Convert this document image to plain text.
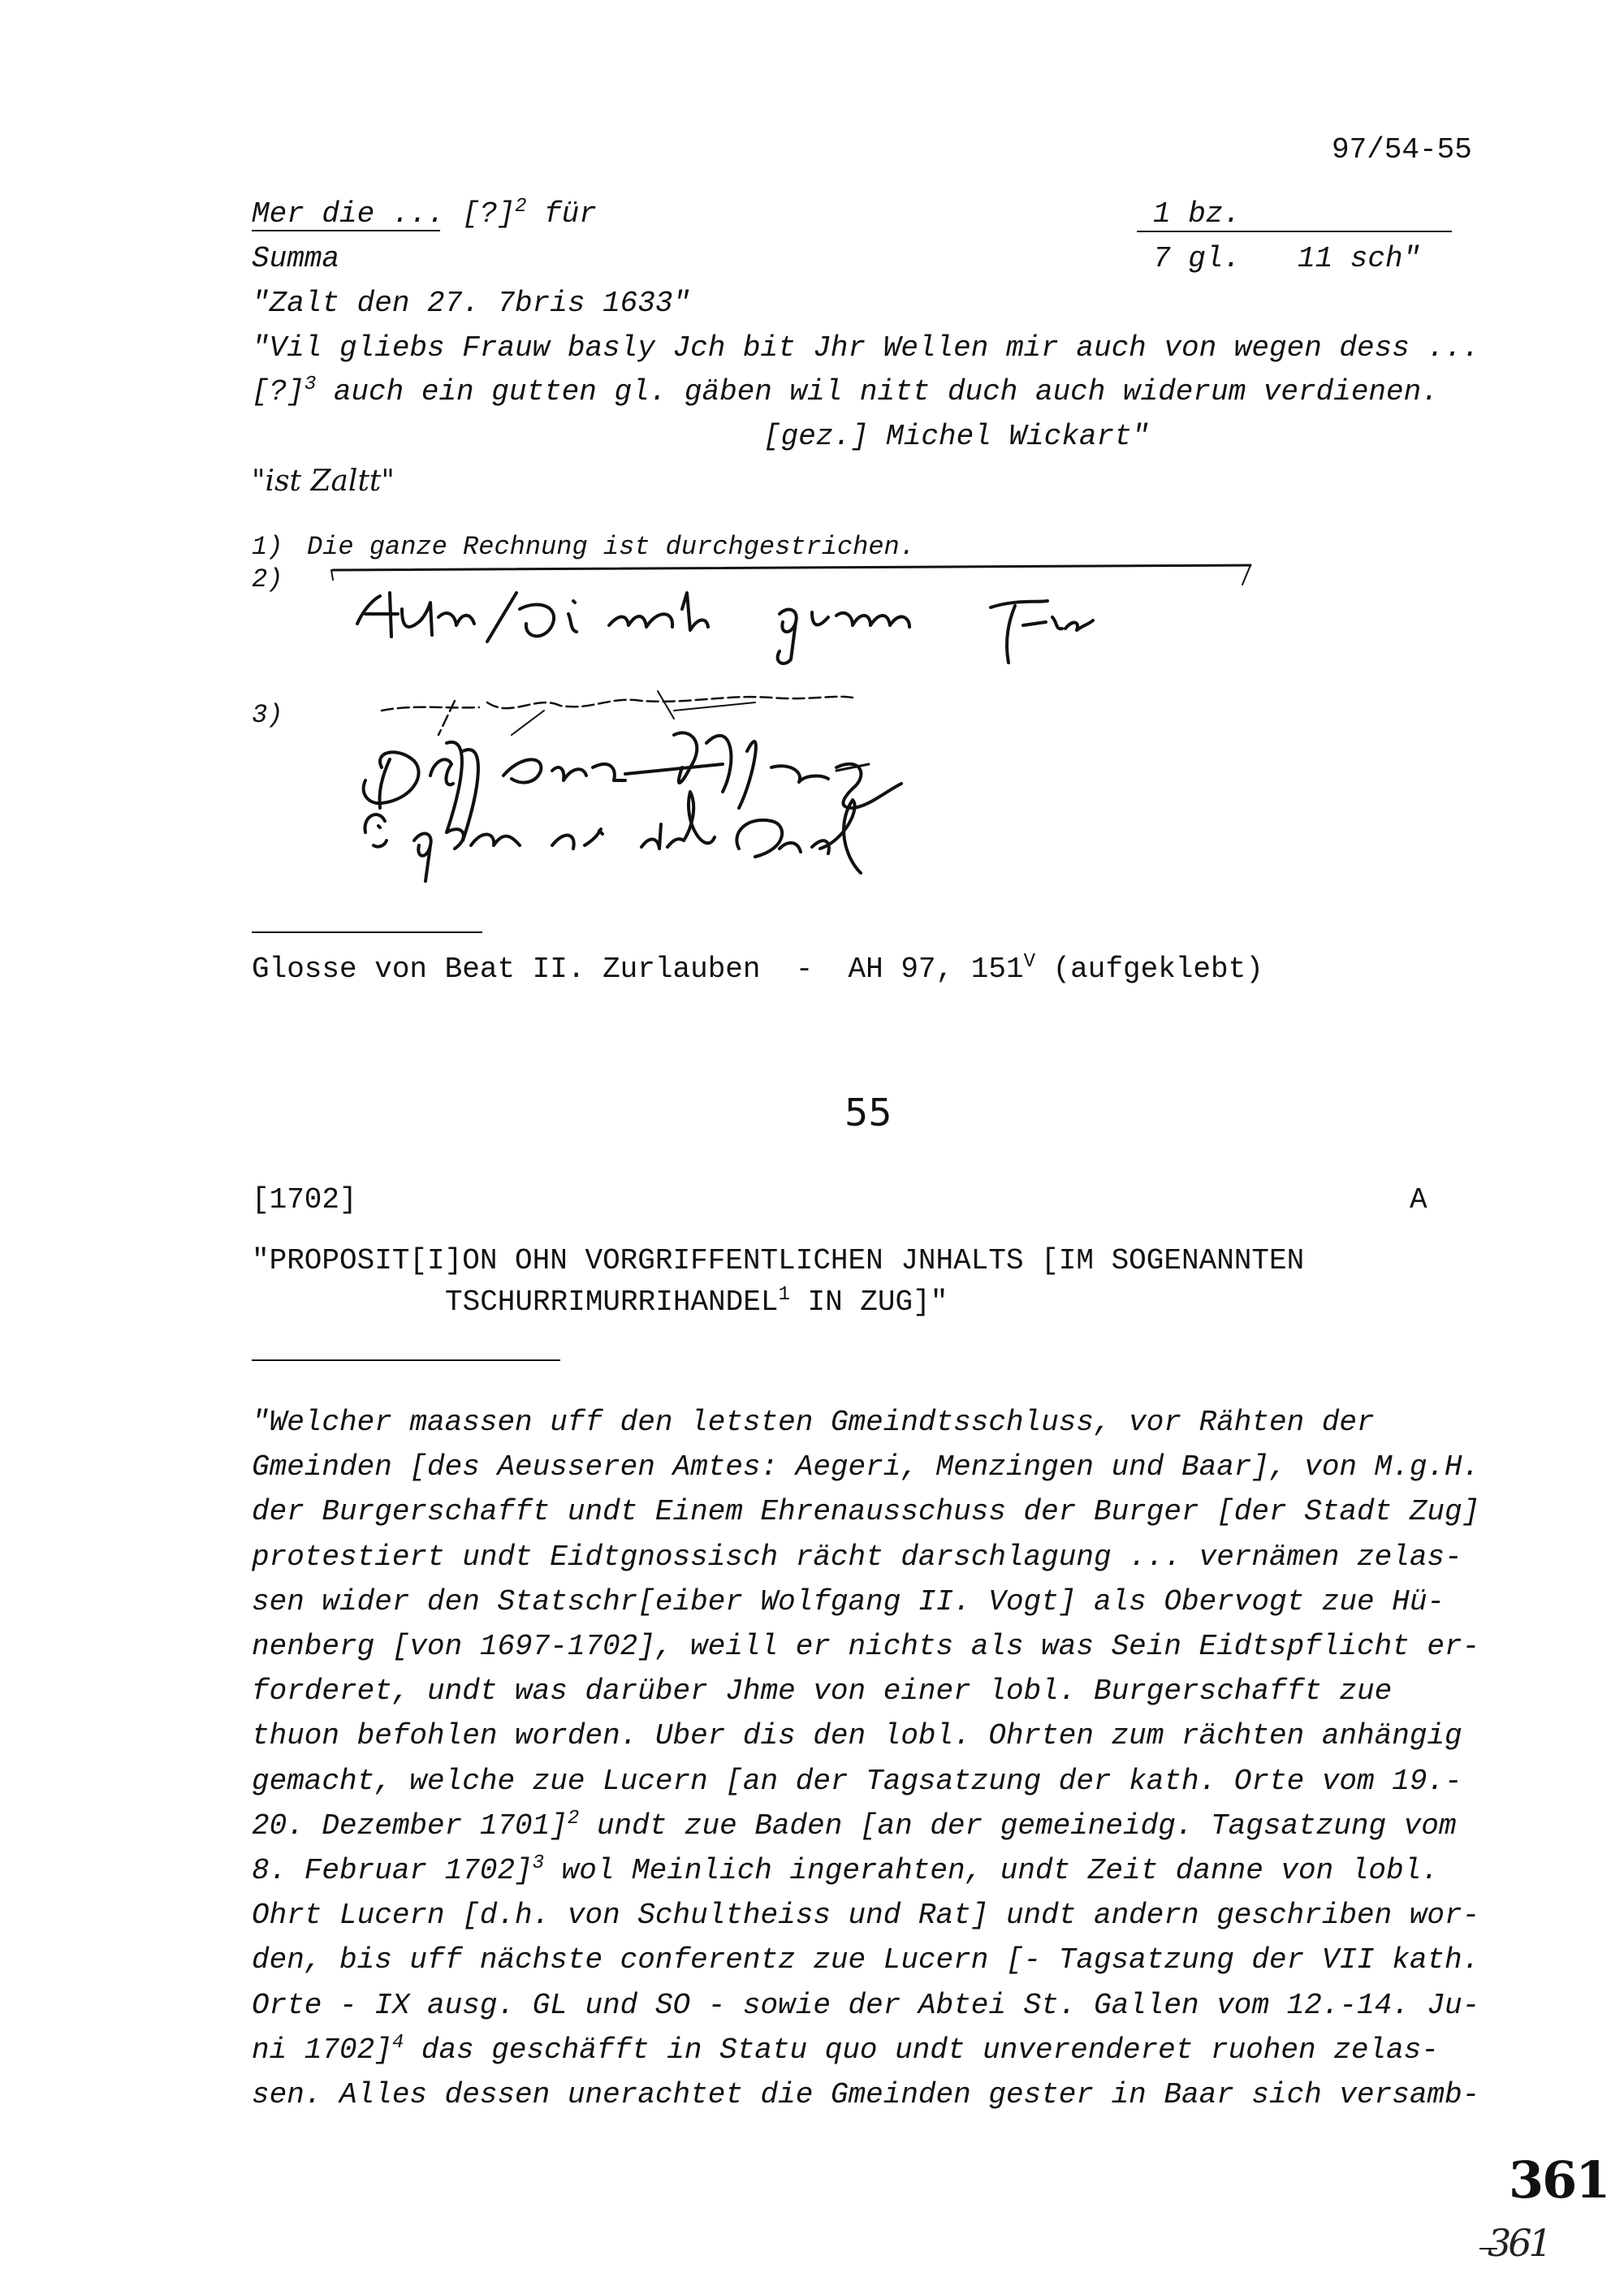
97/54-55
Mer die ... [?]$^2$ für	1 bz.
Summa	7 gl. 11 sch"
"Zalt den 27. 7bris 1633"
"Vil gliebs Frauw basly Jch bit Jhr Wellen mir auch von wegen dess ...
[?]$^3$ auch ein gutten gl. gäben wil nitt duch auch widerum verdienen.
[gez.] Michel Wickart"
"ist Zaltt"
1) Die ganze Rechnung ist durchgestrichen.
2)
3)
Glosse von Beat II. Zurlauben  -  AH 97, $151^V$ (aufgeklebt)
55
[1702]	A
"PROPOSIT[I]ON OHN VORGRIFFENTLICHEN JNHALTS [IM SOGENANNTEN
TSCHURRIMURRIHANDEL$^1$ IN ZUG]"
"Welcher maassen uff den letsten Gmeindtsschluss, vor Rähten der
Gmeinden [des Aeusseren Amtes: Aegeri, Menzingen und Baar], von M.g.H.
der Burgerschafft undt Einem Ehrenausschuss der Burger [der Stadt Zug]
protestiert undt Eidtgnossisch rächt darschlagung ... vernämen zelas-
sen wider den Statschr[eiber Wolfgang II. Vogt] als Obervogt zue Hü-
nenberg [von 1697-1702], weill er nichts als was Sein Eidtspflicht er-
forderet, undt was darüber Jhme von einer lobl. Burgerschafft zue
thuon befohlen worden. Uber dis den lobl. Ohrten zum rächten anhängig
gemacht, welche zue Lucern [an der Tagsatzung der kath. Orte vom 19.-
20. Dezember 1701]$^2$ undt zue Baden [an der gemeineidg. Tagsatzung vom
8. Februar 1702]$^3$ wol Meinlich ingerahten, undt Zeit danne von lobl.
Ohrt Lucern [d.h. von Schultheiss und Rat] undt andern geschriben wor-
den, bis uff nächste conferentz zue Lucern [- Tagsatzung der VII kath.
Orte - IX ausg. GL und SO - sowie der Abtei St. Gallen vom 12.-14. Ju-
ni 1702]$^4$ das geschäfft in Statu quo undt unverenderet ruohen zelas-
sen. Alles dessen unerachtet die Gmeinden gester in Baar sich versamb-
361
361
